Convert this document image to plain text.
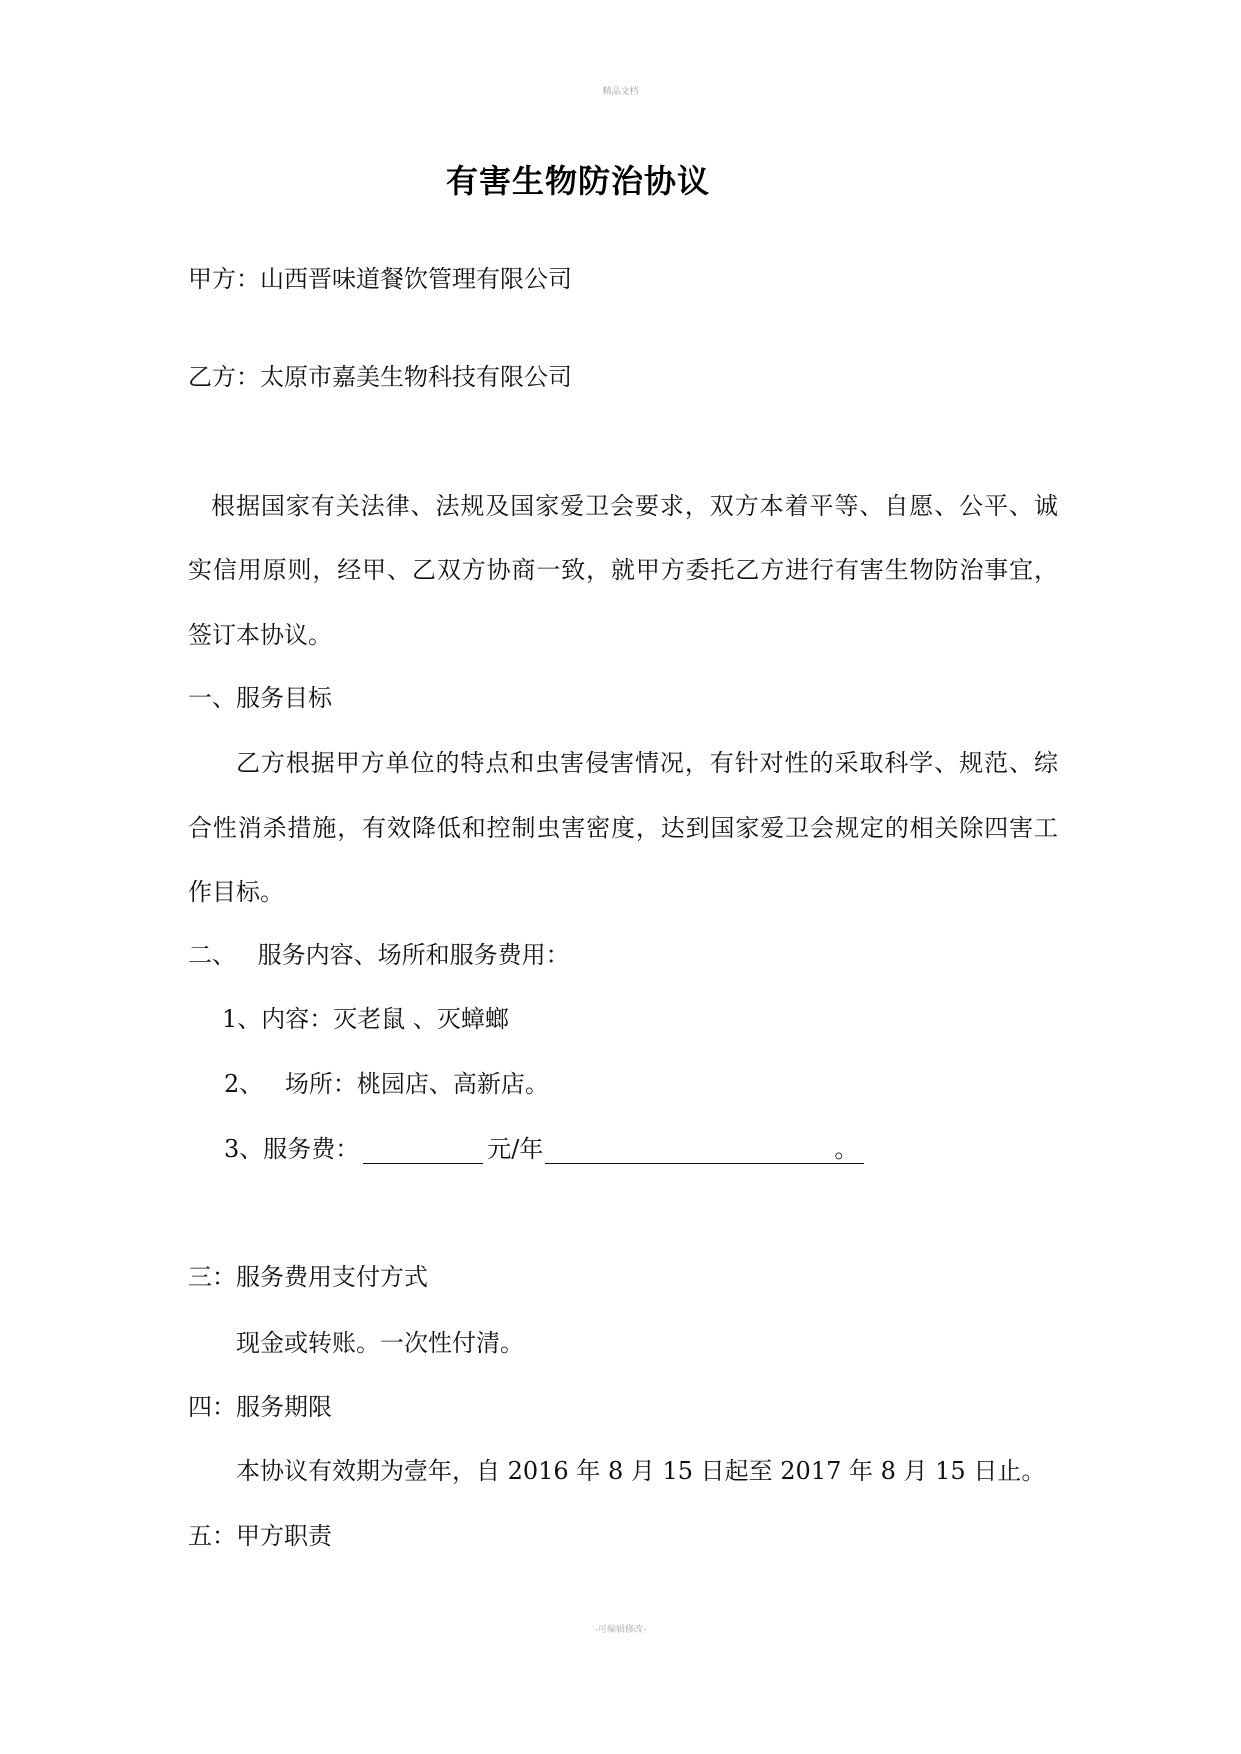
精品文档
有害生物防治协议
甲方：山西晋味道餐饮管理有限公司
乙方：太原市嘉美生物科技有限公司
根据国家有关法律、法规及国家爱卫会要求，双方本着平等、自愿、公平、诚
实信用原则，经甲、乙双方协商一致，就甲方委托乙方进行有害生物防治事宜，
签订本协议。
一、服务目标
乙方根据甲方单位的特点和虫害侵害情况，有针对性的采取科学、规范、综
合性消杀措施，有效降低和控制虫害密度，达到国家爱卫会规定的相关除四害工
作目标。
二、 服务内容、场所和服务费用：
1、内容：灭老鼠 、灭蟑螂
2、 场所：桃园店、高新店。
3、服务费：	元/年	。
三：服务费用支付方式
现金或转账。一次性付清。
四：服务期限
本协议有效期为壹年，自 2016 年 8 月 15 日起至 2017 年 8 月 15 日止。
五：甲方职责
-可编辑修改-
